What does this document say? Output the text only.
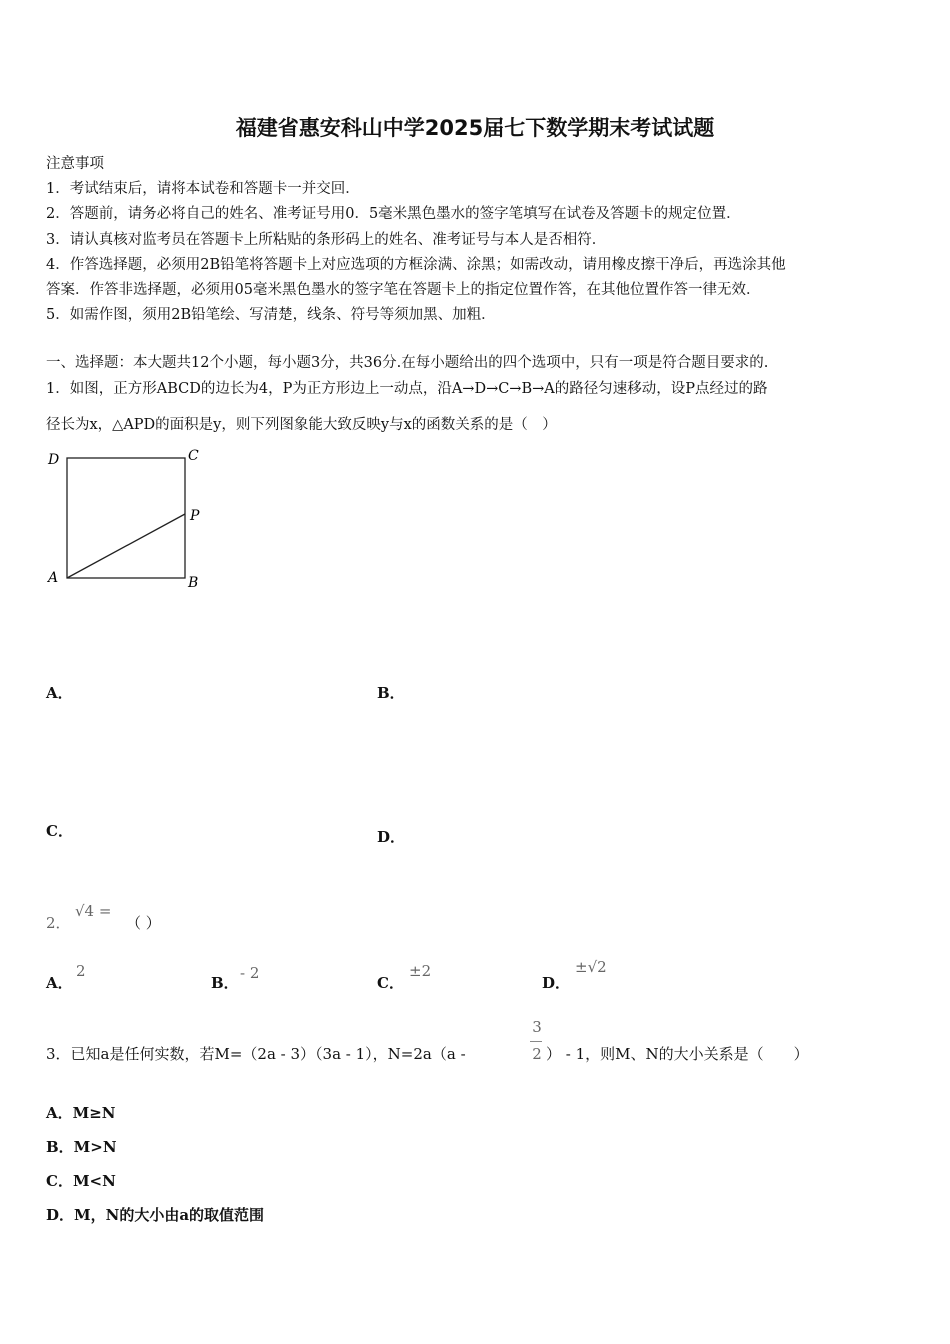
福建省惠安科山中学2025届七下数学期末考试试题
注意事项
1．考试结束后，请将本试卷和答题卡一并交回．
2．答题前，请务必将自己的姓名、准考证号用0．5毫米黑色墨水的签字笔填写在试卷及答题卡的规定位置．
3．请认真核对监考员在答题卡上所粘贴的条形码上的姓名、准考证号与本人是否相符．
4．作答选择题，必须用2B铅笔将答题卡上对应选项的方框涂满、涂黑；如需改动，请用橡皮擦干净后，再选涂其他
答案．作答非选择题，必须用05毫米黑色墨水的签字笔在答题卡上的指定位置作答，在其他位置作答一律无效．
5．如需作图，须用2B铅笔绘、写清楚，线条、符号等须加黑、加粗．
一、选择题：本大题共12个小题，每小题3分，共36分.在每小题给出的四个选项中，只有一项是符合题目要求的.
1．如图，正方形ABCD的边长为4，P为正方形边上一动点，沿A→D→C→B→A的路径匀速移动，设P点经过的路
径长为x，△APD的面积是y，则下列图象能大致反映y与x的函数关系的是（　）
D	C
P
A	B
A．	B．
C．	D．
2．
√4 =
（ ）
A．
2
B．
- 2
C．
±2
D．
±√2
3．已知a是任何实数，若M=（2a - 3）（3a - 1），N=2a（a -
3
2 ） - 1，则M、N的大小关系是（　　）
A．M≥N
B．M>N
C．M<N
D．M，N的大小由a的取值范围
